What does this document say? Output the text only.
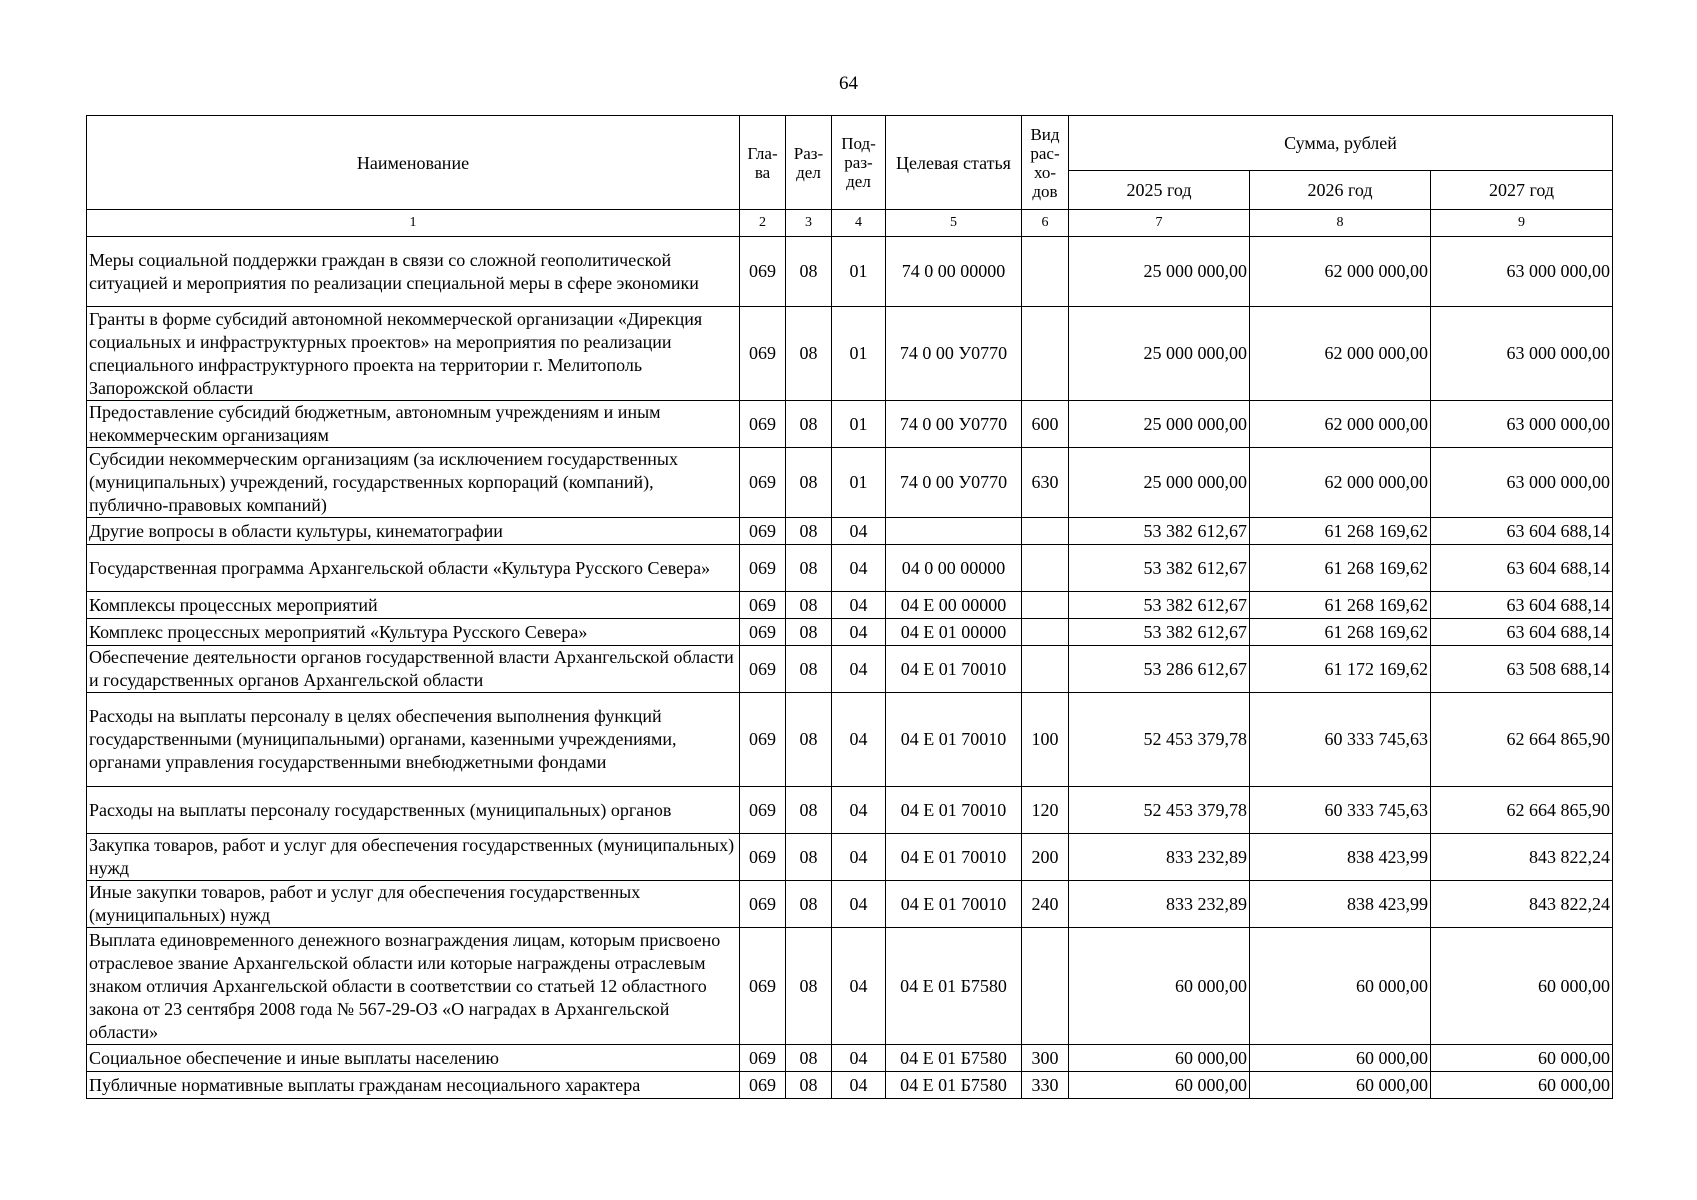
64
Наименование	Гла-ва	Раз-дел	Под-раз-дел	Целевая статья	Вид рас-хо-дов	Сумма, рублей		
						2025 год	2026 год	2027 год
1	2	3	4	5	6	7	8	9
Меры социальной поддержки граждан в связи со сложной геополитической ситуацией и мероприятия по реализации специальной меры в сфере экономики	069	08	01	74 0 00 00000		25 000 000,00	62 000 000,00	63 000 000,00
Гранты в форме субсидий автономной некоммерческой организации «Дирекция социальных и инфраструктурных проектов» на мероприятия по реализации специального инфраструктурного проекта на территории г. Мелитополь Запорожской области	069	08	01	74 0 00 У0770		25 000 000,00	62 000 000,00	63 000 000,00
Предоставление субсидий бюджетным, автономным учреждениям и иным некоммерческим организациям	069	08	01	74 0 00 У0770	600	25 000 000,00	62 000 000,00	63 000 000,00
Субсидии некоммерческим организациям (за исключением государственных (муниципальных) учреждений, государственных корпораций (компаний), публично-правовых компаний)	069	08	01	74 0 00 У0770	630	25 000 000,00	62 000 000,00	63 000 000,00
Другие вопросы в области культуры, кинематографии	069	08	04			53 382 612,67	61 268 169,62	63 604 688,14
Государственная программа Архангельской области «Культура Русского Севера»	069	08	04	04 0 00 00000		53 382 612,67	61 268 169,62	63 604 688,14
Комплексы процессных мероприятий	069	08	04	04 Е 00 00000		53 382 612,67	61 268 169,62	63 604 688,14
Комплекс процессных мероприятий «Культура Русского Севера»	069	08	04	04 Е 01 00000		53 382 612,67	61 268 169,62	63 604 688,14
Обеспечение деятельности органов государственной власти Архангельской области и государственных органов Архангельской области	069	08	04	04 Е 01 70010		53 286 612,67	61 172 169,62	63 508 688,14
Расходы на выплаты персоналу в целях обеспечения выполнения функций государственными (муниципальными) органами, казенными учреждениями, органами управления государственными внебюджетными фондами	069	08	04	04 Е 01 70010	100	52 453 379,78	60 333 745,63	62 664 865,90
Расходы на выплаты персоналу государственных (муниципальных) органов	069	08	04	04 Е 01 70010	120	52 453 379,78	60 333 745,63	62 664 865,90
Закупка товаров, работ и услуг для обеспечения государственных (муниципальных) нужд	069	08	04	04 Е 01 70010	200	833 232,89	838 423,99	843 822,24
Иные закупки товаров, работ и услуг для обеспечения государственных (муниципальных) нужд	069	08	04	04 Е 01 70010	240	833 232,89	838 423,99	843 822,24
Выплата единовременного денежного вознаграждения лицам, которым присвоено отраслевое звание Архангельской области или которые награждены отраслевым знаком отличия Архангельской области в соответствии со статьей 12 областного закона от 23 сентября 2008 года № 567-29-ОЗ «О наградах в Архангельской области»	069	08	04	04 Е 01 Б7580		60 000,00	60 000,00	60 000,00
Социальное обеспечение и иные выплаты населению	069	08	04	04 Е 01 Б7580	300	60 000,00	60 000,00	60 000,00
Публичные нормативные выплаты гражданам несоциального характера	069	08	04	04 Е 01 Б7580	330	60 000,00	60 000,00	60 000,00
